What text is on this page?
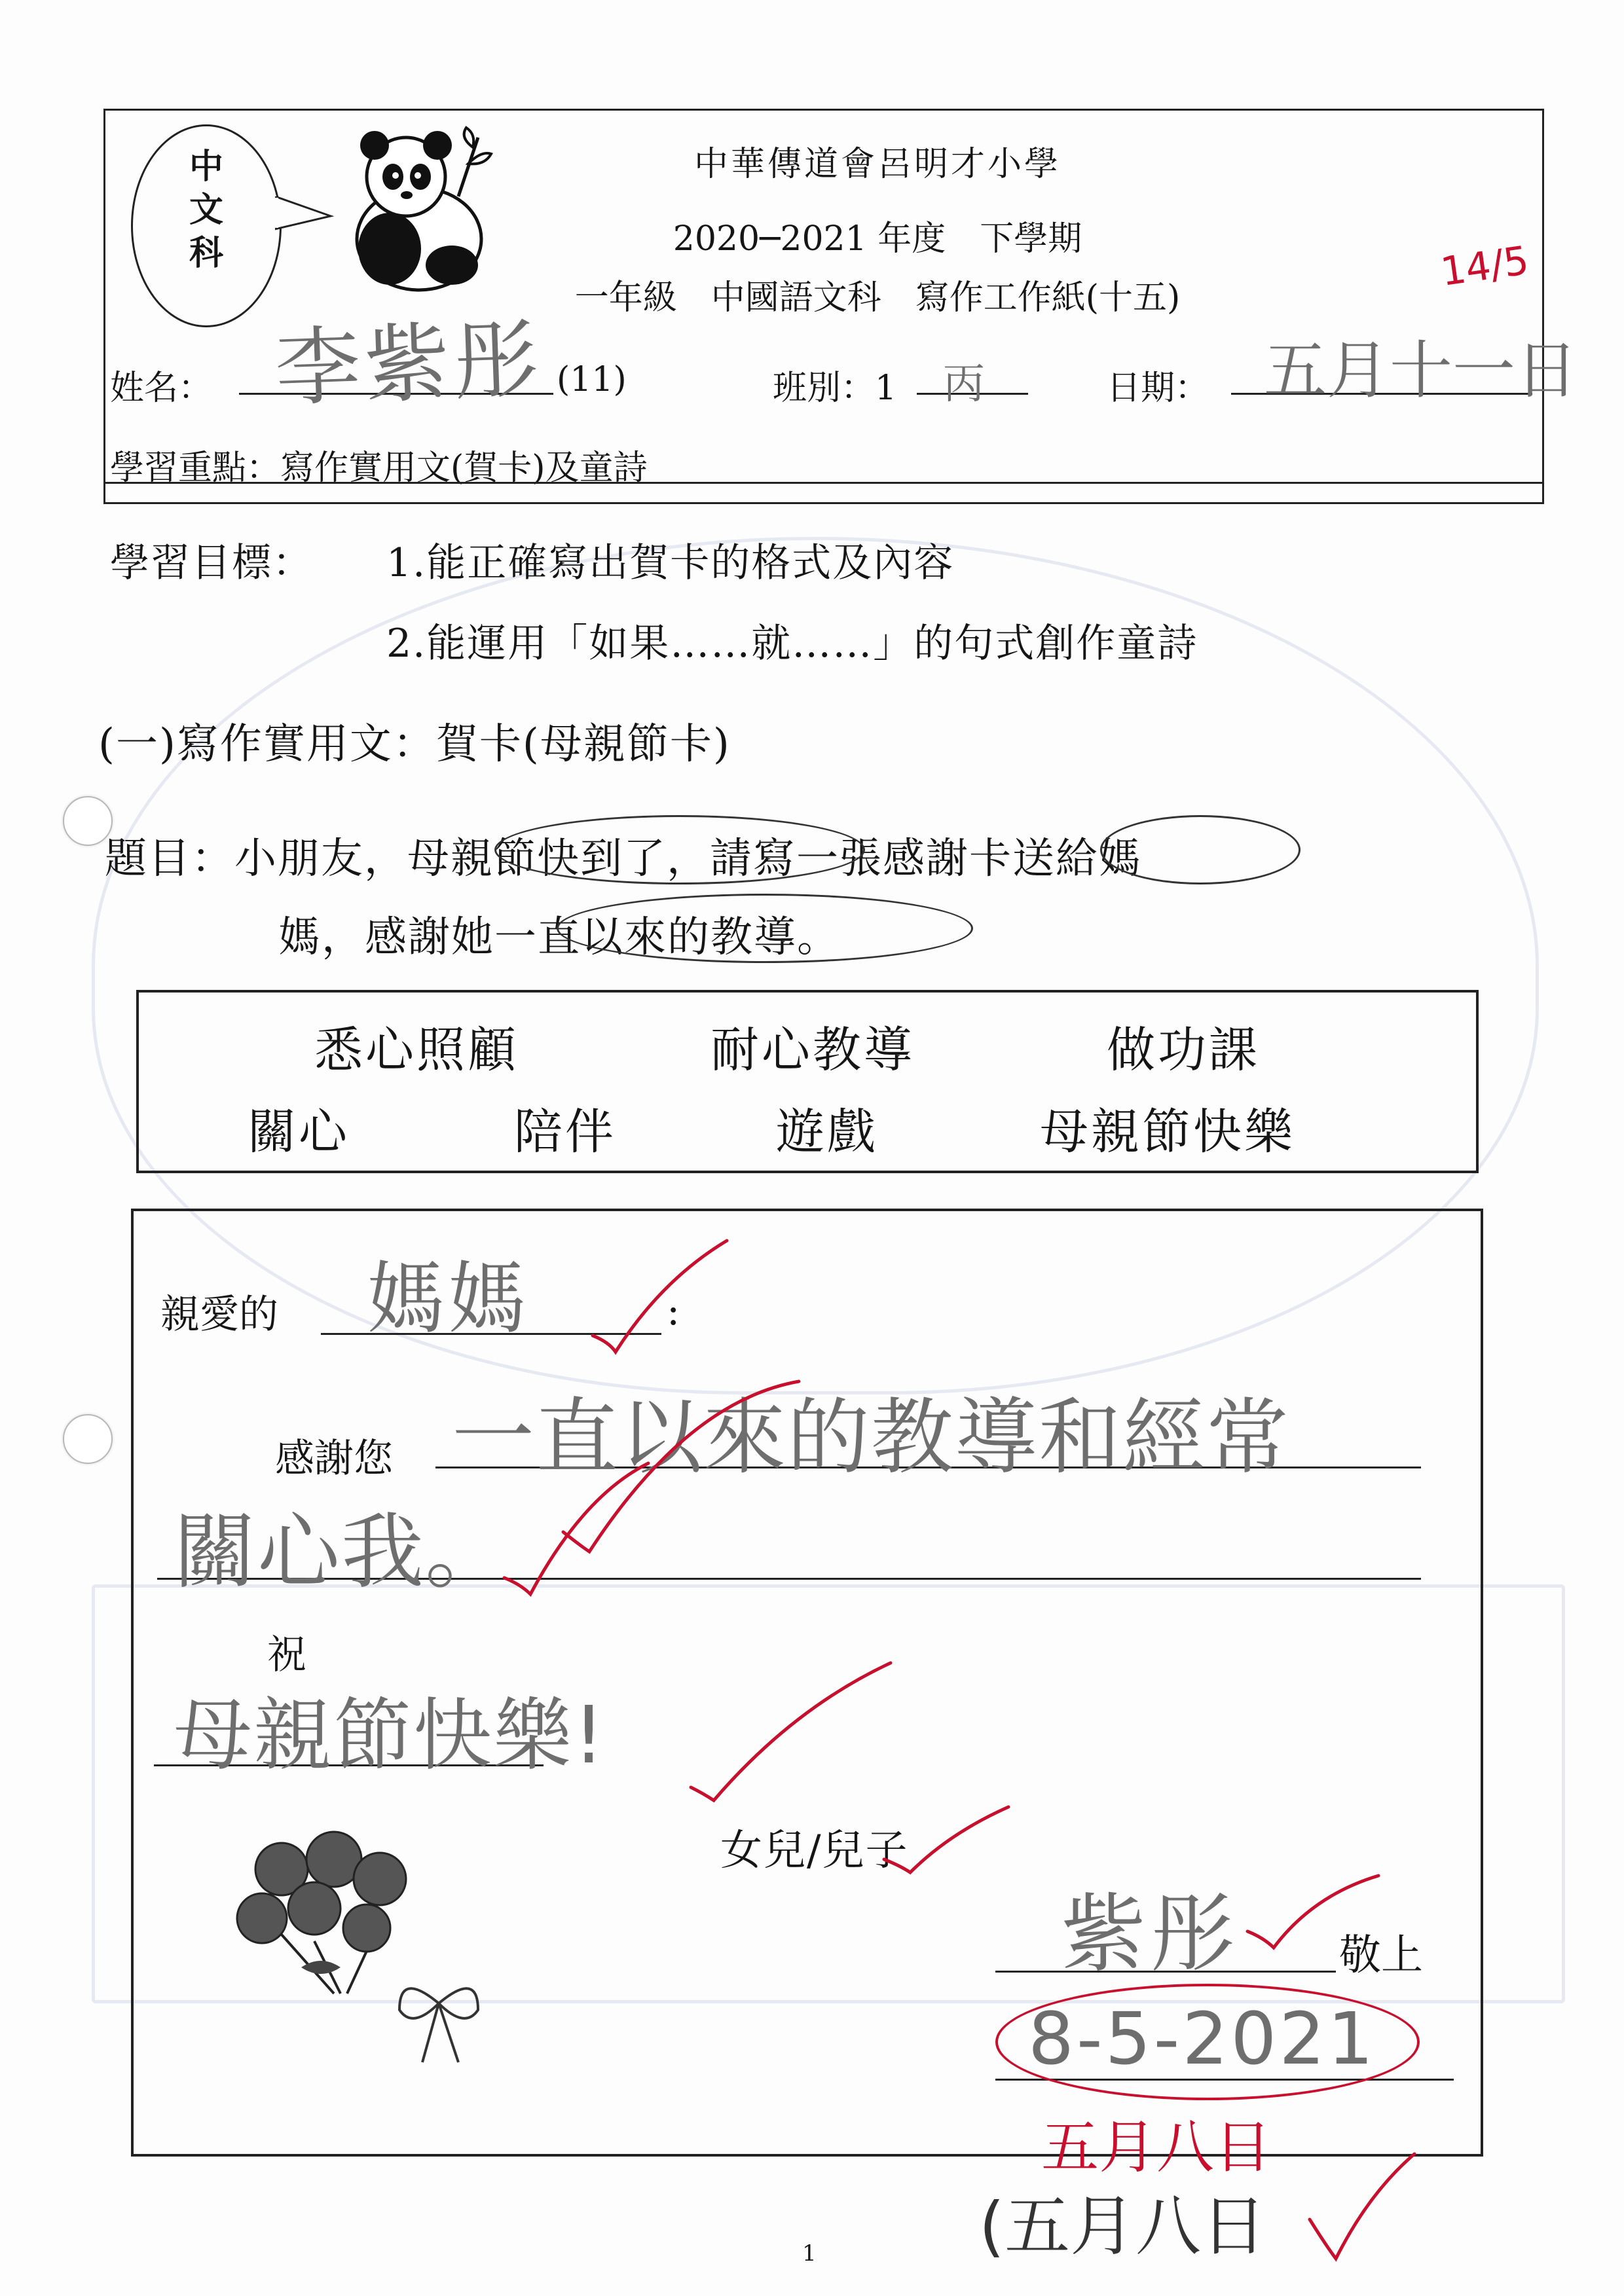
中
文
科
中華傳道會呂明才小學
2020─2021 年度　下學期
一年級　中國語文科　寫作工作紙(十五)
14/5
姓名： 李紫彤 (11)	班別：1 丙	日期： 五月十一日
學習重點：寫作實用文(賀卡)及童詩
學習目標： 1.能正確寫出賀卡的格式及內容
2.能運用「如果……就……」的句式創作童詩
(一)寫作實用文：賀卡(母親節卡)
題目：小朋友，母親節快到了，請寫一張感謝卡送給媽
媽，感謝她一直以來的教導。
悉心照顧	耐心教導	做功課
關心	陪伴	遊戲	母親節快樂
親愛的 媽媽	:
感謝您 一直以來的教導和經常
關心我。
祝
母親節快樂!
女兒/兒子
紫彤 敬上
8-5-2021
五月八日
(五月八日
1
